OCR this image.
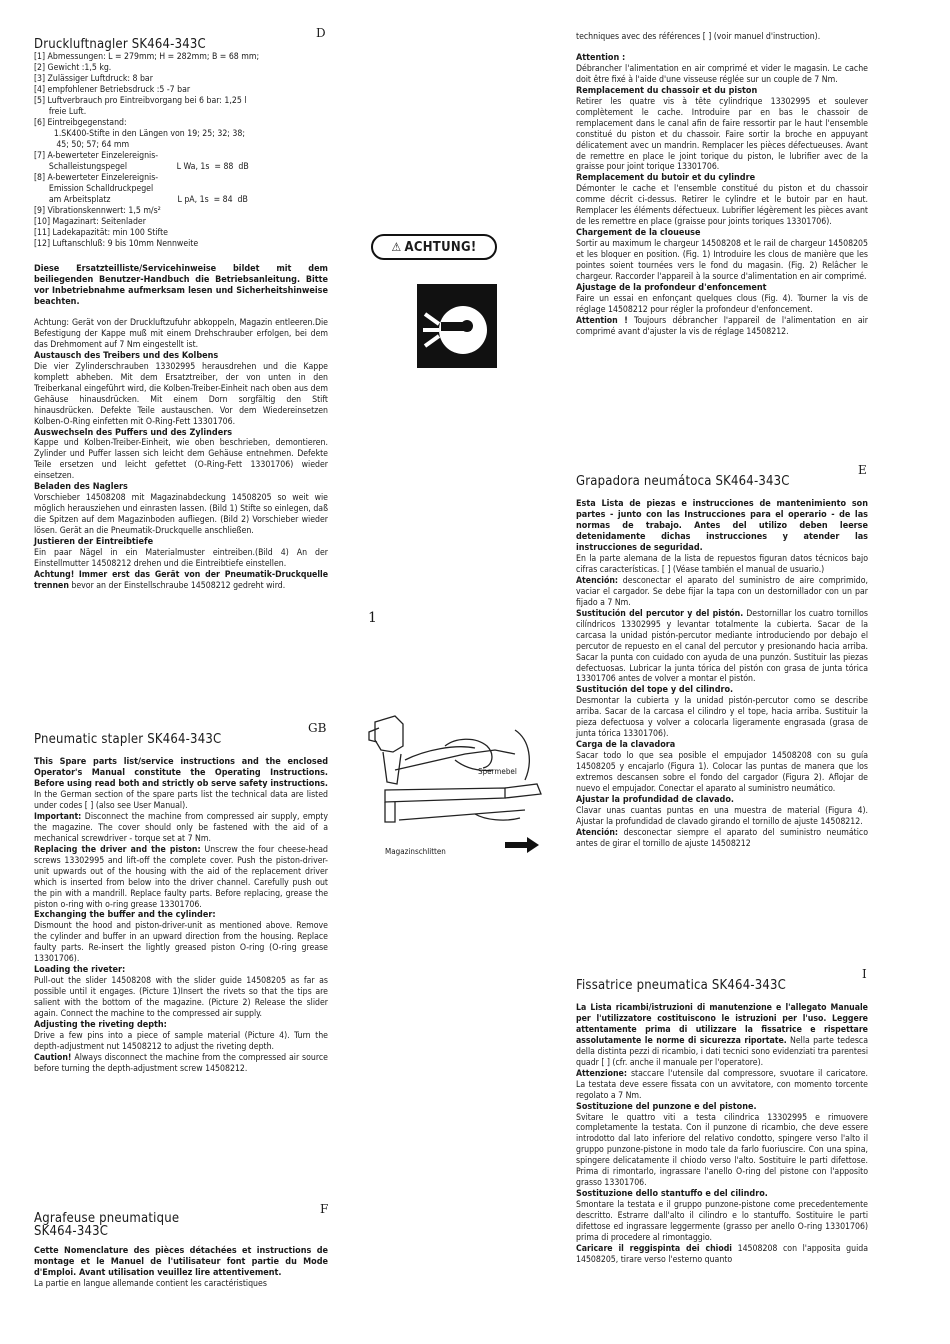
D
Druckluftnagler SK464-343C
[1] Abmessungen: L = 279mm; H = 282mm; B = 68 mm;
[2] Gewicht :1,5 kg.
[3] Zulässiger Luftdruck: 8 bar
[4] empfohlener Betriebsdruck :5 -7 bar
[5] Luftverbrauch pro Eintreibvorgang bei 6 bar: 1,25 l
freie Luft.
[6] Eintreibgegenstand:
1.SK400-Stifte in den Längen von 19; 25; 32; 38;
45; 50; 57; 64 mm
[7] A-bewerteter Einzelereignis-
Schalleistungspegel                    L Wa, 1s  = 88  dB
[8] A-bewerteter Einzelereignis-
Emission Schalldruckpegel
am Arbeitsplatz                           L pA, 1s  = 84  dB
[9] Vibrationskennwert: 1,5 m/s²
[10] Magazinart: Seitenlader
[11] Ladekapazität: min 100 Stifte
[12] Luftanschluß: 9 bis 10mm Nennweite

Diese Ersatzteilliste/Servicehinweise bildet mit dem beiliegenden Benutzer-Handbuch die Betriebsanleitung. Bitte vor Inbetriebnahme aufmerksam lesen und Sicherheitshinweise beachten.

Achtung: Gerät von der Druckluftzufuhr abkoppeln, Magazin entleeren.Die Befestigung der Kappe muß mit einem Drehschrauber erfolgen, bei dem das Drehmoment auf 7 Nm eingestellt ist.

Austausch des Treibers und des Kolbens

Die vier Zylinderschrauben 13302995 herausdrehen und die Kappe komplett abheben. Mit dem Ersatztreiber, der von unten in den Treiberkanal eingeführt wird, die Kolben-Treiber-Einheit nach oben aus dem Gehäuse hinausdrücken. Mit einem Dorn sorgfältig den Stift hinausdrücken. Defekte Teile austauschen. Vor dem Wiedereinsetzen Kolben-O-Ring einfetten mit O-Ring-Fett 13301706.

Auswechseln des Puffers und des Zylinders

Kappe und Kolben-Treiber-Einheit, wie oben beschrieben, demontieren. Zylinder und Puffer lassen sich leicht dem Gehäuse entnehmen. Defekte Teile ersetzen und leicht gefettet (O-Ring-Fett 13301706) wieder einsetzen.

Beladen des Naglers

Vorschieber 14508208 mit Magazinabdeckung 14508205 so weit wie möglich herausziehen und einrasten lassen. (Bild 1) Stifte so einlegen, daß die Spitzen auf dem Magazinboden aufliegen. (Bild 2) Vorschieber wieder lösen. Gerät an die Pneumatik-Druckquelle anschließen.

Justieren der Eintreibtiefe

Ein paar Nägel in ein Materialmuster eintreiben.(Bild 4) An der Einstellmutter 14508212 drehen und die Eintreibtiefe einstellen.

Achtung! Immer erst das Gerät von der Pneumatik-Druckquelle trennen bevor an der Einstellschraube 14508212 gedreht wird.

GB
Pneumatic stapler SK464-343C

This Spare parts list/service instructions and the enclosed Operator's Manual constitute the Operating Instructions. Before using read both and strictly ob serve safety instructions.

In the German section of the spare parts list the technical data are listed under codes [ ] (also see User Manual).

Important: Disconnect the machine from compressed air supply, empty the magazine. The cover should only be fastened with the aid of a mechanical screwdriver - torque set at 7 Nm.

Replacing the driver and the piston: Unscrew the four cheese-head screws 13302995 and lift-off the complete cover. Push the piston-driver-unit upwards out of the housing with the aid of the replacement driver which is inserted from below into the driver channel. Carefully push out the pin with a mandrill. Replace faulty parts. Before replacing, grease the piston o-ring with o-ring grease 13301706.

Exchanging the buffer and the cylinder:

Dismount the hood and piston-driver-unit as mentioned above. Remove the cylinder and buffer in an upward direction from the housing. Replace faulty parts. Re-insert the lightly greased piston O-ring (O-ring grease 13301706).

Loading the riveter:

Pull-out the slider 14508208 with the slider guide 14508205 as far as possible until it engages. (Picture 1)Insert the rivets so that the tips are salient with the bottom of the magazine. (Picture 2) Release the slider again. Connect the machine to the compressed air supply.

Adjusting the riveting depth:

Drive a few pins into a piece of sample material (Picture 4). Turn the depth-adjustment nut 14508212 to adjust the riveting depth.

Caution! Always disconnect the machine from the compressed air source before turning the depth-adjustment screw 14508212.

F
Agrafeuse pneumatique
SK464-343C

Cette Nomenclature des pièces détachées et instructions de montage et le Manuel de l'utilisateur font partie du Mode d'Emploi. Avant utilisation veuillez lire attentivement.

La partie en langue allemande contient les caractéristiques

⚠ ACHTUNG!
1
Spermebel
Magazinschlitten

techniques avec des références [ ] (voir manuel d'instruction).

Attention :

Débrancher l'alimentation en air comprimé et vider le magasin. Le cache doit être fixé à l'aide d'une visseuse réglée sur un couple de 7 Nm.

Remplacement du chassoir et du piston

Retirer les quatre vis à tête cylindrique 13302995 et soulever complètement le cache. Introduire par en bas le chassoir de remplacement dans le canal afin de faire ressortir par le haut l'ensemble constitué du piston et du chassoir. Faire sortir la broche en appuyant délicatement avec un mandrin. Remplacer les pièces défectueuses. Avant de remettre en place le joint torique du piston, le lubrifier avec de la graisse pour joint torique 13301706.

Remplacement du butoir et du cylindre

Démonter le cache et l'ensemble constitué du piston et du chassoir comme décrit ci-dessus. Retirer le cylindre et le butoir par en haut. Remplacer les éléments défectueux. Lubrifier légèrement les pièces avant de les remettre en place (graisse pour joints toriques 13301706).

Chargement de la cloueuse

Sortir au maximum le chargeur 14508208 et le rail de chargeur 14508205 et les bloquer en position. (Fig. 1) Introduire les clous de manière que les pointes soient tournées vers le fond du magasin. (Fig. 2) Relâcher le chargeur. Raccorder l'appareil à la source d'alimentation en air comprimé.

Ajustage de la profondeur d'enfoncement

Faire un essai en enfonçant quelques clous (Fig. 4). Tourner la vis de réglage 14508212 pour régler la profondeur d'enfoncement.

Attention ! Toujours débrancher l'appareil de l'alimentation en air comprimé avant d'ajuster la vis de réglage 14508212.

E
Grapadora neumátoca SK464-343C

Esta Lista de piezas e instrucciones de mantenimiento son partes - junto con las Instrucciones para el operario - de las normas de trabajo. Antes del utilizo deben leerse detenidamente dichas instrucciones y atender las instrucciones de seguridad.

En la parte alemana de la lista de repuestos figuran datos técnicos bajo cifras características. [ ] (Véase también el manual de usuario.)

Atención: desconectar el aparato del suministro de aire comprimido, vaciar el cargador. Se debe fijar la tapa con un destornillador con un par fijado a 7 Nm.

Sustitución del percutor y del pistón. Destornillar los cuatro tornillos cilíndricos 13302995 y levantar totalmente la cubierta. Sacar de la carcasa la unidad pistón-percutor mediante introduciendo por debajo el percutor de repuesto en el canal del percutor y presionando hacia arriba. Sacar la punta con cuidado con ayuda de una punzón. Sustituir las piezas defectuosas. Lubricar la junta tórica del pistón con grasa de junta tórica 13301706 antes de volver a montar el pistón.

Sustitución del tope y del cilindro.

Desmontar la cubierta y la unidad pistón-percutor como se describe arriba. Sacar de la carcasa el cilindro y el tope, hacia arriba. Sustituir la pieza defectuosa y volver a colocarla ligeramente engrasada (grasa de junta tórica 13301706).

Carga de la clavadora

Sacar todo lo que sea posible el empujador 14508208 con su guía 14508205 y encajarlo (Figura 1). Colocar las puntas de manera que los extremos descansen sobre el fondo del cargador (Figura 2). Aflojar de nuevo el empujador. Conectar el aparato al suministro neumático.

Ajustar la profundidad de clavado.

Clavar unas cuantas puntas en una muestra de material (Figura 4). Ajustar la profundidad de clavado girando el tornillo de ajuste 14508212.

Atención: desconectar siempre el aparato del suministro neumático antes de girar el tornillo de ajuste 14508212

I
Fissatrice pneumatica SK464-343C

La Lista ricambi/istruzioni di manutenzione e l'allegato Manuale per l'utilizzatore costituiscono le istruzioni per l'uso. Leggere attentamente prima di utilizzare la fissatrice e rispettare assolutamente le norme di sicurezza riportate. Nella parte tedesca della distinta pezzi di ricambio, i dati tecnici sono evidenziati tra parentesi quadr [ ] (cfr. anche il manuale per l'operatore).

Attenzione: staccare l'utensile dal compressore, svuotare il caricatore. La testata deve essere fissata con un avvitatore, con momento torcente regolato a 7 Nm.

Sostituzione del punzone e del pistone.

Svitare le quattro viti a testa cilindrica 13302995 e rimuovere completamente la testata. Con il punzone di ricambio, che deve essere introdotto dal lato inferiore del relativo condotto, spingere verso l'alto il gruppo punzone-pistone in modo tale da farlo fuoriuscire. Con una spina, spingere delicatamente il chiodo verso l'alto. Sostituire le parti difettose. Prima di rimontarlo, ingrassare l'anello O-ring del pistone con l'apposito grasso 13301706.

Sostituzione dello stantuffo e del cilindro.

Smontare la testata e il gruppo punzone-pistone come precedentemente descritto. Estrarre dall'alto il cilindro e lo stantuffo. Sostituire le parti difettose ed ingrassare leggermente (grasso per anello O-ring 13301706) prima di procedere al rimontaggio.

Caricare il reggispinta dei chiodi 14508208 con l'apposita guida 14508205, tirare verso l'esterno quanto
